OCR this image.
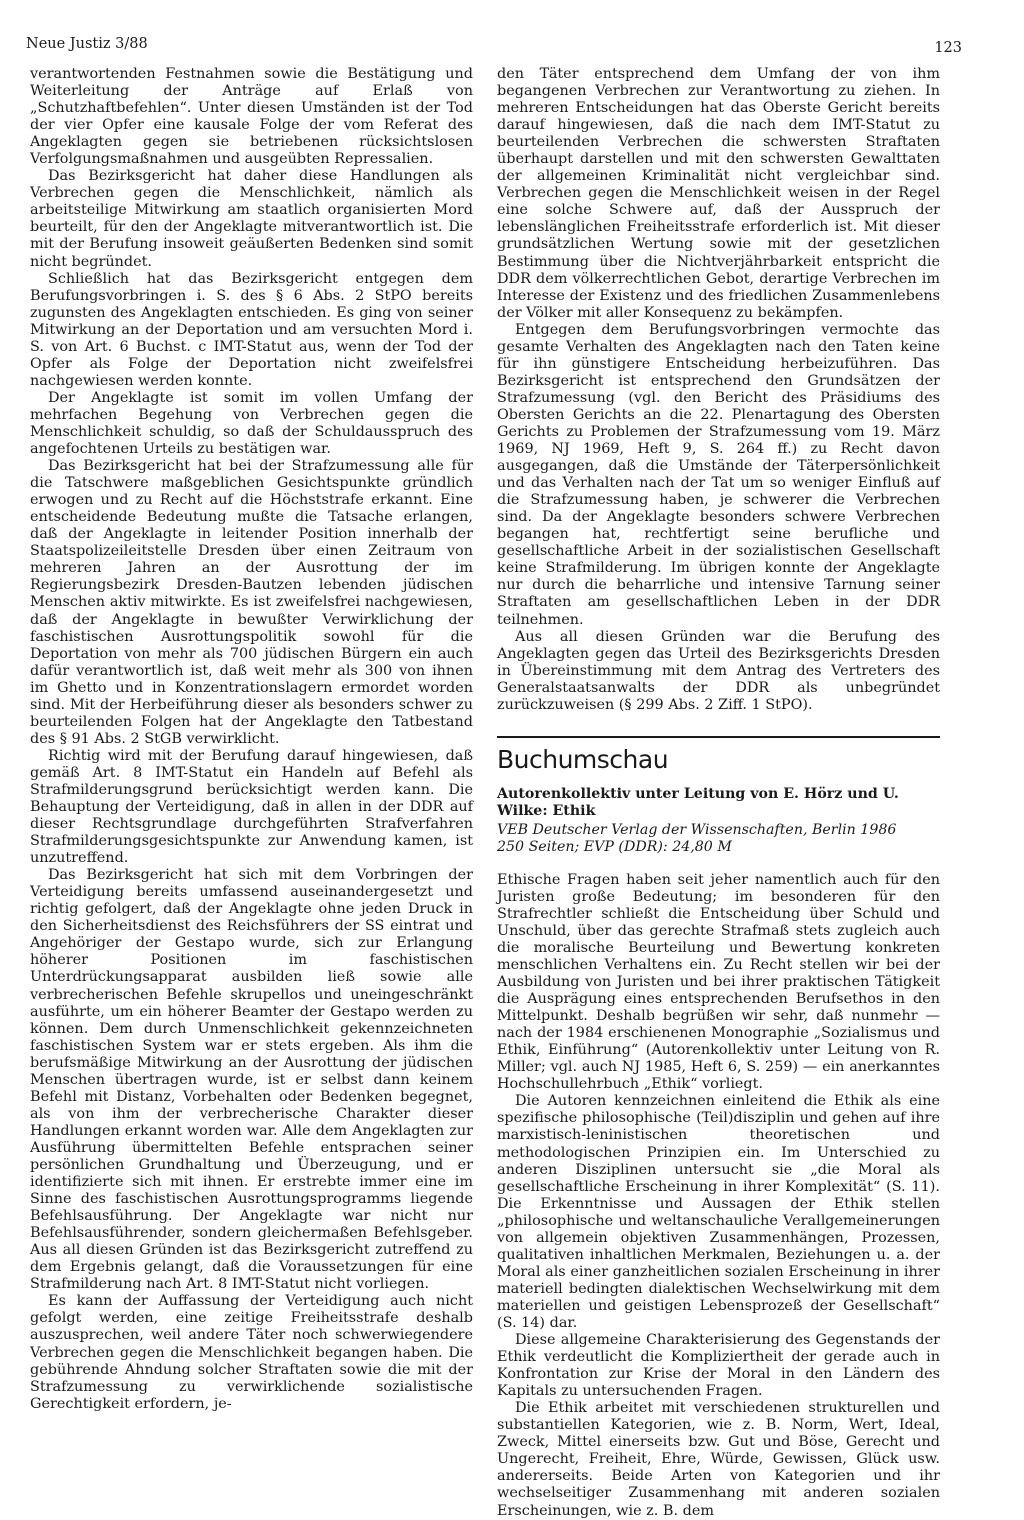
Neue Justiz 3/88	123

verantwortenden Festnahmen sowie die Bestätigung und Weiterleitung der Anträge auf Erlaß von „Schutzhaftbefehlen“. Unter diesen Umständen ist der Tod der vier Opfer eine kausale Folge der vom Referat des Angeklagten gegen sie betriebenen rücksichtslosen Verfolgungsmaßnahmen und ausgeübten Repressalien.

Das Bezirksgericht hat daher diese Handlungen als Verbrechen gegen die Menschlichkeit, nämlich als arbeitsteilige Mitwirkung am staatlich organisierten Mord beurteilt, für den der Angeklagte mitverantwortlich ist. Die mit der Berufung insoweit geäußerten Bedenken sind somit nicht begründet.

Schließlich hat das Bezirksgericht entgegen dem Berufungsvorbringen i. S. des § 6 Abs. 2 StPO bereits zugunsten des Angeklagten entschieden. Es ging von seiner Mitwirkung an der Deportation und am versuchten Mord i. S. von Art. 6 Buchst. c IMT-Statut aus, wenn der Tod der Opfer als Folge der Deportation nicht zweifelsfrei nachgewiesen werden konnte.

Der Angeklagte ist somit im vollen Umfang der mehrfachen Begehung von Verbrechen gegen die Menschlichkeit schuldig, so daß der Schuldausspruch des angefochtenen Urteils zu bestätigen war.

Das Bezirksgericht hat bei der Strafzumessung alle für die Tatschwere maßgeblichen Gesichtspunkte gründlich erwogen und zu Recht auf die Höchststrafe erkannt. Eine entscheidende Bedeutung mußte die Tatsache erlangen, daß der Angeklagte in leitender Position innerhalb der Staatspolizeileitstelle Dresden über einen Zeitraum von mehreren Jahren an der Ausrottung der im Regierungsbezirk Dresden-Bautzen lebenden jüdischen Menschen aktiv mitwirkte. Es ist zweifelsfrei nachgewiesen, daß der Angeklagte in bewußter Verwirklichung der faschistischen Ausrottungspolitik sowohl für die Deportation von mehr als 700 jüdischen Bürgern ein auch dafür verantwortlich ist, daß weit mehr als 300 von ihnen im Ghetto und in Konzentrationslagern ermordet worden sind. Mit der Herbeiführung dieser als besonders schwer zu beurteilenden Folgen hat der Angeklagte den Tatbestand des § 91 Abs. 2 StGB verwirklicht.

Richtig wird mit der Berufung darauf hingewiesen, daß gemäß Art. 8 IMT-Statut ein Handeln auf Befehl als Strafmilderungsgrund berücksichtigt werden kann. Die Behauptung der Verteidigung, daß in allen in der DDR auf dieser Rechtsgrundlage durchgeführten Strafverfahren Strafmilderungsgesichtspunkte zur Anwendung kamen, ist unzutreffend.

Das Bezirksgericht hat sich mit dem Vorbringen der Verteidigung bereits umfassend auseinandergesetzt und richtig gefolgert, daß der Angeklagte ohne jeden Druck in den Sicherheitsdienst des Reichsführers der SS eintrat und Angehöriger der Gestapo wurde, sich zur Erlangung höherer Positionen im faschistischen Unterdrückungsapparat ausbilden ließ sowie alle verbrecherischen Befehle skrupellos und uneingeschränkt ausführte, um ein höherer Beamter der Gestapo werden zu können. Dem durch Unmenschlichkeit gekennzeichneten faschistischen System war er stets ergeben. Als ihm die berufsmäßige Mitwirkung an der Ausrottung der jüdischen Menschen übertragen wurde, ist er selbst dann keinem Befehl mit Distanz, Vorbehalten oder Bedenken begegnet, als von ihm der verbrecherische Charakter dieser Handlungen erkannt worden war. Alle dem Angeklagten zur Ausführung übermittelten Befehle entsprachen seiner persönlichen Grundhaltung und Überzeugung, und er identifizierte sich mit ihnen. Er erstrebte immer eine im Sinne des faschistischen Ausrottungsprogramms liegende Befehlsausführung. Der Angeklagte war nicht nur Befehlsausführender, sondern gleichermaßen Befehlsgeber. Aus all diesen Gründen ist das Bezirksgericht zutreffend zu dem Ergebnis gelangt, daß die Voraussetzungen für eine Strafmilderung nach Art. 8 IMT-Statut nicht vorliegen.

Es kann der Auffassung der Verteidigung auch nicht gefolgt werden, eine zeitige Freiheitsstrafe deshalb auszusprechen, weil andere Täter noch schwerwiegendere Verbrechen gegen die Menschlichkeit begangen haben. Die gebührende Ahndung solcher Straftaten sowie die mit der Strafzumessung zu verwirklichende sozialistische Gerechtigkeit erfordern, je-

den Täter entsprechend dem Umfang der von ihm begangenen Verbrechen zur Verantwortung zu ziehen. In mehreren Entscheidungen hat das Oberste Gericht bereits darauf hingewiesen, daß die nach dem IMT-Statut zu beurteilenden Verbrechen die schwersten Straftaten überhaupt darstellen und mit den schwersten Gewalttaten der allgemeinen Kriminalität nicht vergleichbar sind. Verbrechen gegen die Menschlichkeit weisen in der Regel eine solche Schwere auf, daß der Ausspruch der lebenslänglichen Freiheitsstrafe erforderlich ist. Mit dieser grundsätzlichen Wertung sowie mit der gesetzlichen Bestimmung über die Nichtverjährbarkeit entspricht die DDR dem völkerrechtlichen Gebot, derartige Verbrechen im Interesse der Existenz und des friedlichen Zusammenlebens der Völker mit aller Konsequenz zu bekämpfen.

Entgegen dem Berufungsvorbringen vermochte das gesamte Verhalten des Angeklagten nach den Taten keine für ihn günstigere Entscheidung herbeizuführen. Das Bezirksgericht ist entsprechend den Grundsätzen der Strafzumessung (vgl. den Bericht des Präsidiums des Obersten Gerichts an die 22. Plenartagung des Obersten Gerichts zu Problemen der Strafzumessung vom 19. März 1969, NJ 1969, Heft 9, S. 264 ff.) zu Recht davon ausgegangen, daß die Umstände der Täterpersönlichkeit und das Verhalten nach der Tat um so weniger Einfluß auf die Strafzumessung haben, je schwerer die Verbrechen sind. Da der Angeklagte besonders schwere Verbrechen begangen hat, rechtfertigt seine berufliche und gesellschaftliche Arbeit in der sozialistischen Gesellschaft keine Strafmilderung. Im übrigen konnte der Angeklagte nur durch die beharrliche und intensive Tarnung seiner Straftaten am gesellschaftlichen Leben in der DDR teilnehmen.

Aus all diesen Gründen war die Berufung des Angeklagten gegen das Urteil des Bezirksgerichts Dresden in Übereinstimmung mit dem Antrag des Vertreters des Generalstaatsanwalts der DDR als unbegründet zurückzuweisen (§ 299 Abs. 2 Ziff. 1 StPO).

Buchumschau
Autorenkollektiv unter Leitung von E. Hörz und U. Wilke: Ethik
VEB Deutscher Verlag der Wissenschaften, Berlin 1986
250 Seiten; EVP (DDR): 24,80 M

Ethische Fragen haben seit jeher namentlich auch für den Juristen große Bedeutung; im besonderen für den Strafrechtler schließt die Entscheidung über Schuld und Unschuld, über das gerechte Strafmaß stets zugleich auch die moralische Beurteilung und Bewertung konkreten menschlichen Verhaltens ein. Zu Recht stellen wir bei der Ausbildung von Juristen und bei ihrer praktischen Tätigkeit die Ausprägung eines entsprechenden Berufsethos in den Mittelpunkt. Deshalb begrüßen wir sehr, daß nunmehr — nach der 1984 erschienenen Monographie „Sozialismus und Ethik, Einführung“ (Autorenkollektiv unter Leitung von R. Miller; vgl. auch NJ 1985, Heft 6, S. 259) — ein anerkanntes Hochschullehrbuch „Ethik“ vorliegt.

Die Autoren kennzeichnen einleitend die Ethik als eine spezifische philosophische (Teil)disziplin und gehen auf ihre marxistisch-leninistischen theoretischen und methodologischen Prinzipien ein. Im Unterschied zu anderen Disziplinen untersucht sie „die Moral als gesellschaftliche Erscheinung in ihrer Komplexität“ (S. 11). Die Erkenntnisse und Aussagen der Ethik stellen „philosophische und weltanschauliche Verallgemeinerungen von allgemein objektiven Zusammenhängen, Prozessen, qualitativen inhaltlichen Merkmalen, Beziehungen u. a. der Moral als einer ganzheitlichen sozialen Erscheinung in ihrer materiell bedingten dialektischen Wechselwirkung mit dem materiellen und geistigen Lebensprozeß der Gesellschaft“ (S. 14) dar.

Diese allgemeine Charakterisierung des Gegenstands der Ethik verdeutlicht die Kompliziertheit der gerade auch in Konfrontation zur Krise der Moral in den Ländern des Kapitals zu untersuchenden Fragen.

Die Ethik arbeitet mit verschiedenen strukturellen und substantiellen Kategorien, wie z. B. Norm, Wert, Ideal, Zweck, Mittel einerseits bzw. Gut und Böse, Gerecht und Ungerecht, Freiheit, Ehre, Würde, Gewissen, Glück usw. andererseits. Beide Arten von Kategorien und ihr wechselseitiger Zusammenhang mit anderen sozialen Erscheinungen, wie z. B. dem
